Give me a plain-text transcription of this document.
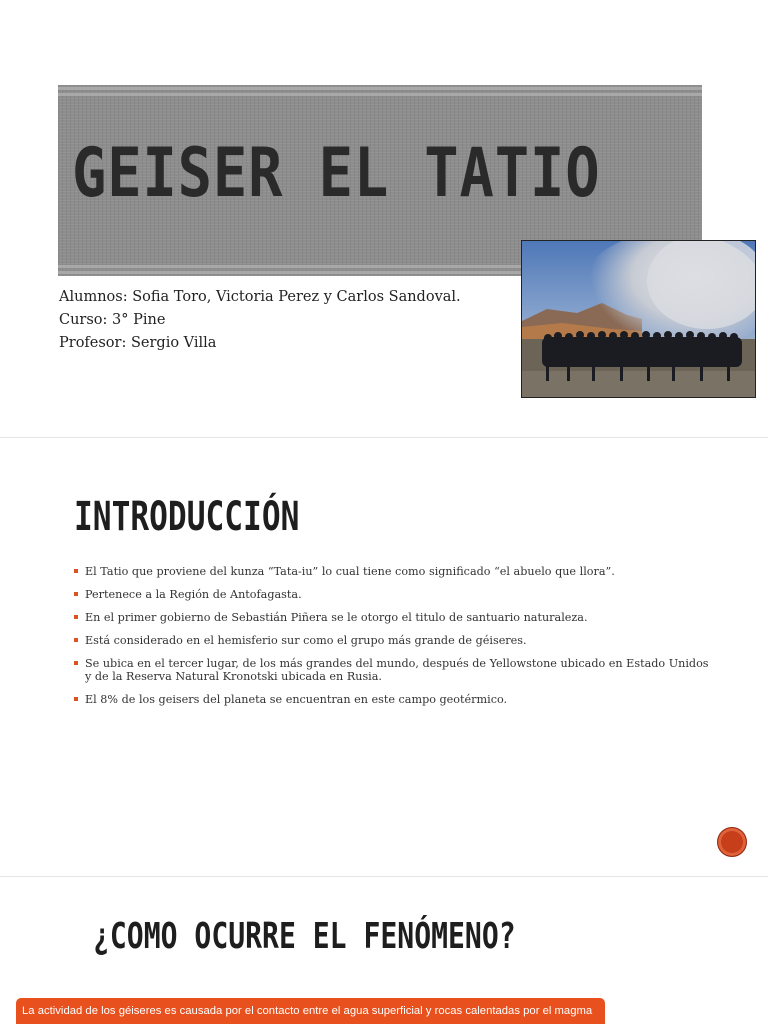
GEISER EL TATIO
Alumnos: Sofia Toro, Victoria Perez y Carlos Sandoval.
Curso: 3° Pine
Profesor: Sergio Villa
INTRODUCCIÓN
El Tatio que proviene del kunza “Tata-iu” lo cual tiene como significado “el abuelo que llora”.
Pertenece a la Región de Antofagasta.
En el primer gobierno de Sebastián Piñera se le otorgo el titulo de santuario naturaleza.
Está considerado en el hemisferio sur como el grupo más grande de géiseres.
Se ubica en el tercer lugar, de los más grandes del mundo, después de Yellowstone ubicado en Estado Unidos y de la Reserva Natural Kronotski ubicada en Rusia.
El 8% de los geisers del planeta se encuentran en este campo geotérmico.
¿COMO OCURRE EL FENÓMENO?
La actividad de los géiseres es causada por el contacto entre el agua superficial y rocas calentadas por el magma
